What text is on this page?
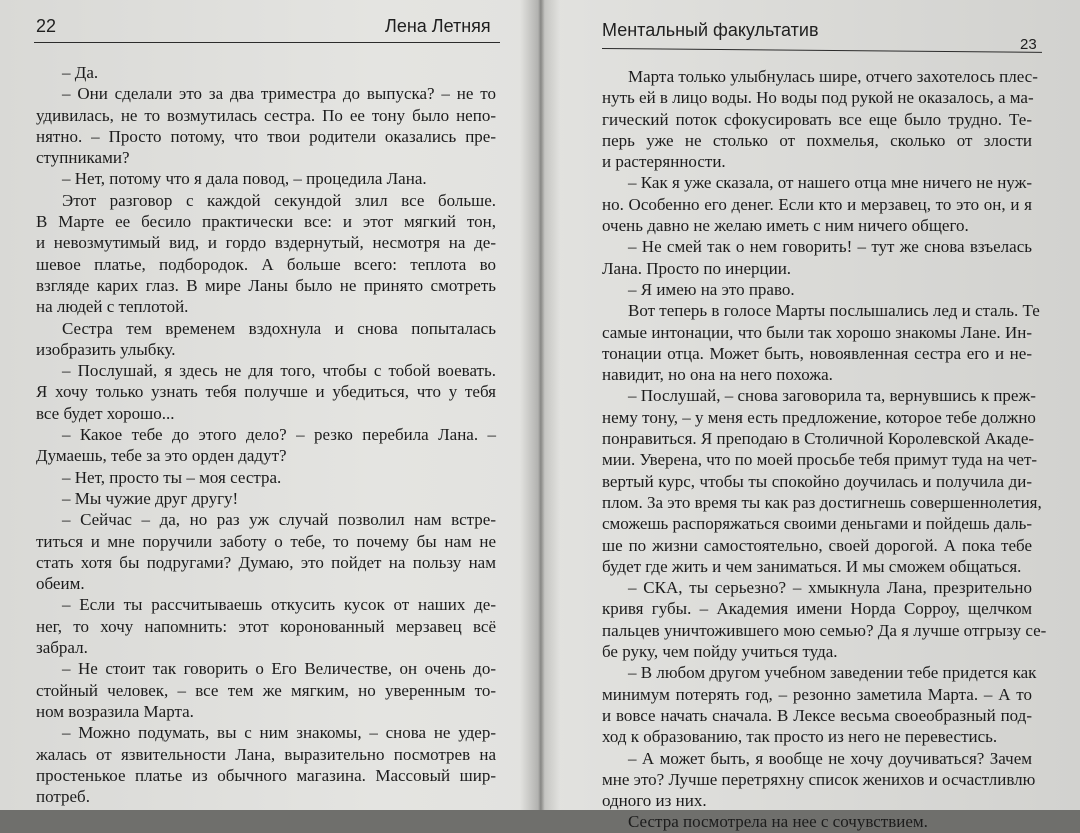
22	Лена Летняя
– Да.
– Они сделали это за два триместра до выпуска? – не то
удивилась, не то возмутилась сестра. По ее тону было непо-
нятно. – Просто потому, что твои родители оказались пре-
ступниками?
– Нет, потому что я дала повод, – процедила Лана.
Этот разговор с каждой секундой злил все больше.
В Марте ее бесило практически все: и этот мягкий тон,
и невозмутимый вид, и гордо вздернутый, несмотря на де-
шевое платье, подбородок. А больше всего: теплота во
взгляде карих глаз. В мире Ланы было не принято смотреть
на людей с теплотой.
Сестра тем временем вздохнула и снова попыталась
изобразить улыбку.
– Послушай, я здесь не для того, чтобы с тобой воевать.
Я хочу только узнать тебя получше и убедиться, что у тебя
все будет хорошо...
– Какое тебе до этого дело? – резко перебила Лана. –
Думаешь, тебе за это орден дадут?
– Нет, просто ты – моя сестра.
– Мы чужие друг другу!
– Сейчас – да, но раз уж случай позволил нам встре-
титься и мне поручили заботу о тебе, то почему бы нам не
стать хотя бы подругами? Думаю, это пойдет на пользу нам
обеим.
– Если ты рассчитываешь откусить кусок от наших де-
нег, то хочу напомнить: этот коронованный мерзавец всё
забрал.
– Не стоит так говорить о Его Величестве, он очень до-
стойный человек, – все тем же мягким, но уверенным то-
ном возразила Марта.
– Можно подумать, вы с ним знакомы, – снова не удер-
жалась от язвительности Лана, выразительно посмотрев на
простенькое платье из обычного магазина. Массовый шир-
потреб.
Ментальный факультатив
23
Марта только улыбнулась шире, отчего захотелось плес-
нуть ей в лицо воды. Но воды под рукой не оказалось, а ма-
гический поток сфокусировать все еще было трудно. Те-
перь уже не столько от похмелья, сколько от злости
и растерянности.
– Как я уже сказала, от нашего отца мне ничего не нуж-
но. Особенно его денег. Если кто и мерзавец, то это он, и я
очень давно не желаю иметь с ним ничего общего.
– Не смей так о нем говорить! – тут же снова взъелась
Лана. Просто по инерции.
– Я имею на это право.
Вот теперь в голосе Марты послышались лед и сталь. Те
самые интонации, что были так хорошо знакомы Лане. Ин-
тонации отца. Может быть, новоявленная сестра его и не-
навидит, но она на него похожа.
– Послушай, – снова заговорила та, вернувшись к преж-
нему тону, – у меня есть предложение, которое тебе должно
понравиться. Я преподаю в Столичной Королевской Акаде-
мии. Уверена, что по моей просьбе тебя примут туда на чет-
вертый курс, чтобы ты спокойно доучилась и получила ди-
плом. За это время ты как раз достигнешь совершеннолетия,
сможешь распоряжаться своими деньгами и пойдешь даль-
ше по жизни самостоятельно, своей дорогой. А пока тебе
будет где жить и чем заниматься. И мы сможем общаться.
– СКА, ты серьезно? – хмыкнула Лана, презрительно
кривя губы. – Академия имени Норда Сорроу, щелчком
пальцев уничтожившего мою семью? Да я лучше отгрызу се-
бе руку, чем пойду учиться туда.
– В любом другом учебном заведении тебе придется как
минимум потерять год, – резонно заметила Марта. – А то
и вовсе начать сначала. В Лексе весьма своеобразный под-
ход к образованию, так просто из него не перевестись.
– А может быть, я вообще не хочу доучиваться? Зачем
мне это? Лучше перетряхну список женихов и осчастливлю
одного из них.
Сестра посмотрела на нее с сочувствием.
